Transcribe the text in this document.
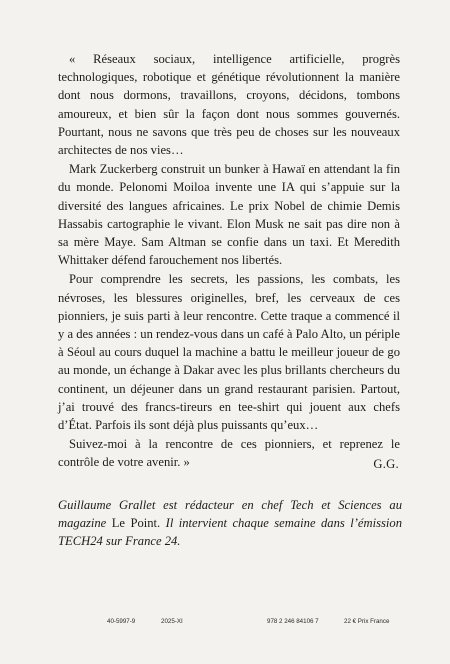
« Réseaux sociaux, intelligence artificielle, progrès technologiques, robotique et génétique révolutionnent la manière dont nous dormons, travaillons, croyons, décidons, tombons amoureux, et bien sûr la façon dont nous sommes gouvernés. Pourtant, nous ne savons que très peu de choses sur les nouveaux architectes de nos vies…

Mark Zuckerberg construit un bunker à Hawaï en attendant la fin du monde. Pelonomi Moiloa invente une IA qui s’appuie sur la diversité des langues africaines. Le prix Nobel de chimie Demis Hassabis cartographie le vivant. Elon Musk ne sait pas dire non à sa mère Maye. Sam Altman se confie dans un taxi. Et Meredith Whittaker défend farouchement nos libertés.

Pour comprendre les secrets, les passions, les combats, les névroses, les blessures originelles, bref, les cerveaux de ces pionniers, je suis parti à leur rencontre. Cette traque a commencé il y a des années : un rendez-vous dans un café à Palo Alto, un périple à Séoul au cours duquel la machine a battu le meilleur joueur de go au monde, un échange à Dakar avec les plus brillants chercheurs du continent, un déjeuner dans un grand restaurant parisien. Partout, j’ai trouvé des francs-tireurs en tee-shirt qui jouent aux chefs d’État. Parfois ils sont déjà plus puissants qu’eux…

Suivez-moi à la rencontre de ces pionniers, et reprenez le contrôle de votre avenir. »	G.G.
Guillaume Grallet est rédacteur en chef Tech et Sciences au magazine Le Point. Il intervient chaque semaine dans l’émission TECH24 sur France 24.
40-5997-9	2025-XI	978 2 246 84106 7	22 € Prix France
